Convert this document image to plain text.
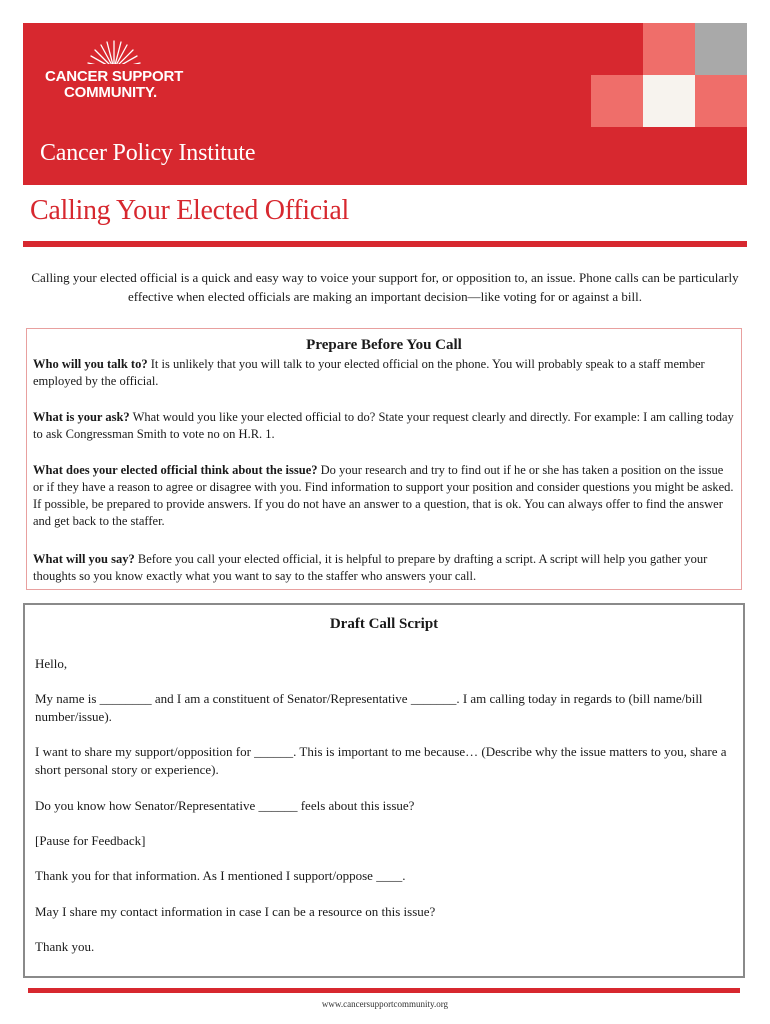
CANCER SUPPORT
COMMUNITY.
Cancer Policy Institute
Calling Your Elected Official

Calling your elected official is a quick and easy way to voice your support for, or opposition to, an issue. Phone calls can be particularly effective when elected officials are making an important decision—like voting for or against a bill.

Prepare Before You Call

Who will you talk to? It is unlikely that you will talk to your elected official on the phone. You will probably speak to a staff member employed by the official.

What is your ask? What would you like your elected official to do? State your request clearly and directly. For example: I am calling today to ask Congressman Smith to vote no on H.R. 1.

What does your elected official think about the issue? Do your research and try to find out if he or she has taken a position on the issue or if they have a reason to agree or disagree with you. Find information to support your position and consider questions you might be asked. If possible, be prepared to provide answers. If you do not have an answer to a question, that is ok. You can always offer to find the answer and get back to the staffer.

What will you say? Before you call your elected official, it is helpful to prepare by drafting a script. A script will help you gather your thoughts so you know exactly what you want to say to the staffer who answers your call.

Draft Call Script

Hello,

My name is ________ and I am a constituent of Senator/Representative _______. I am calling today in regards to (bill name/bill number/issue).

I want to share my support/opposition for ______. This is important to me because… (Describe why the issue matters to you, share a short personal story or experience).

Do you know how Senator/Representative ______ feels about this issue?

[Pause for Feedback]

Thank you for that information. As I mentioned I support/oppose ____.

May I share my contact information in case I can be a resource on this issue?

Thank you.

www.cancersupportcommunity.org
